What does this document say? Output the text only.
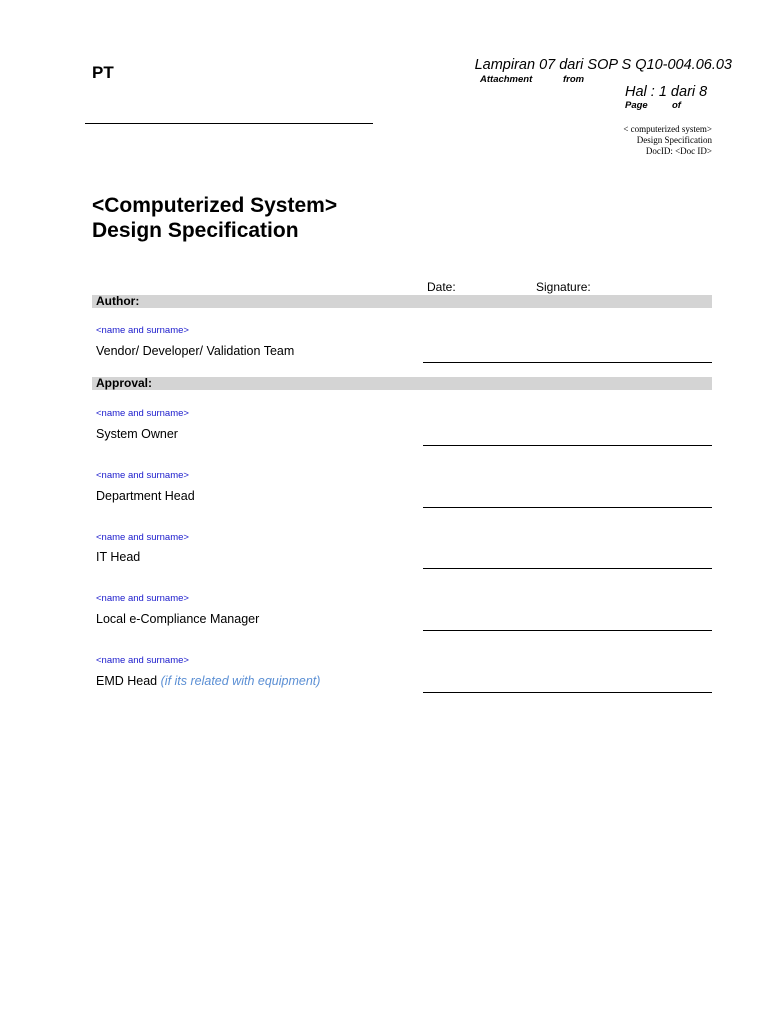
PT	Lampiran 07 dari SOP S Q10-004.06.03
Attachment	from
Hal : 1 dari 8
Page	of
< computerized system>
Design Specification
DocID: <Doc ID>
<Computerized System>
Design Specification
Date:	Signature:
Author:
<name and surname>
Vendor/ Developer/ Validation Team
Approval:
<name and surname>
System Owner
<name and surname>
Department Head
<name and surname>
IT Head
<name and surname>
Local e-Compliance Manager
<name and surname>
EMD Head (if its related with equipment)
